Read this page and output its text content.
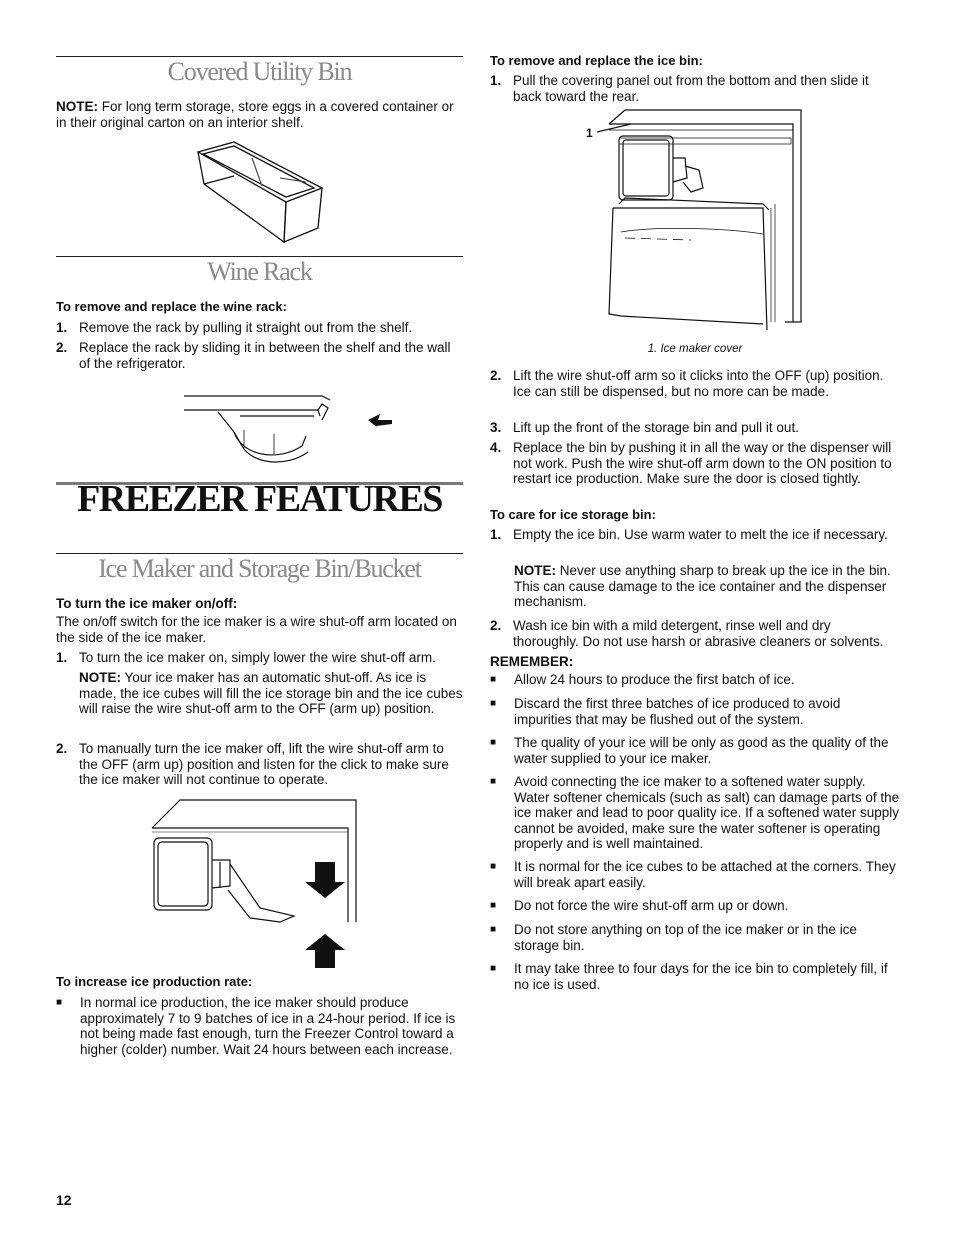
Covered Utility Bin

NOTE: For long term storage, store eggs in a covered container or in their original carton on an interior shelf.

Wine Rack

To remove and replace the wine rack:

1. Remove the rack by pulling it straight out from the shelf.
2. Replace the rack by sliding it in between the shelf and the wall of the refrigerator.
FREEZER FEATURES
Ice Maker and Storage Bin/Bucket

To turn the ice maker on/off:

The on/off switch for the ice maker is a wire shut-off arm located on the side of the ice maker.

1. To turn the ice maker on, simply lower the wire shut-off arm.

NOTE: Your ice maker has an automatic shut-off. As ice is made, the ice cubes will fill the ice storage bin and the ice cubes will raise the wire shut-off arm to the OFF (arm up) position.

2. To manually turn the ice maker off, lift the wire shut-off arm to the OFF (arm up) position and listen for the click to make sure the ice maker will not continue to operate.

To increase ice production rate:

■ In normal ice production, the ice maker should produce approximately 7 to 9 batches of ice in a 24-hour period. If ice is not being made fast enough, turn the Freezer Control toward a higher (colder) number. Wait 24 hours between each increase.

12

To remove and replace the ice bin:

1. Pull the covering panel out from the bottom and then slide it back toward the rear.
1

1. Ice maker cover

2. Lift the wire shut-off arm so it clicks into the OFF (up) position. Ice can still be dispensed, but no more can be made.
3. Lift up the front of the storage bin and pull it out.
4. Replace the bin by pushing it in all the way or the dispenser will not work. Push the wire shut-off arm down to the ON position to restart ice production. Make sure the door is closed tightly.

To care for ice storage bin:

1. Empty the ice bin. Use warm water to melt the ice if necessary.

NOTE: Never use anything sharp to break up the ice in the bin. This can cause damage to the ice container and the dispenser mechanism.

2. Wash ice bin with a mild detergent, rinse well and dry thoroughly. Do not use harsh or abrasive cleaners or solvents.

REMEMBER:

■ Allow 24 hours to produce the first batch of ice.
■ Discard the first three batches of ice produced to avoid impurities that may be flushed out of the system.
■ The quality of your ice will be only as good as the quality of the water supplied to your ice maker.
■ Avoid connecting the ice maker to a softened water supply. Water softener chemicals (such as salt) can damage parts of the ice maker and lead to poor quality ice. If a softened water supply cannot be avoided, make sure the water softener is operating properly and is well maintained.
■ It is normal for the ice cubes to be attached at the corners. They will break apart easily.
■ Do not force the wire shut-off arm up or down.
■ Do not store anything on top of the ice maker or in the ice storage bin.
■ It may take three to four days for the ice bin to completely fill, if no ice is used.
